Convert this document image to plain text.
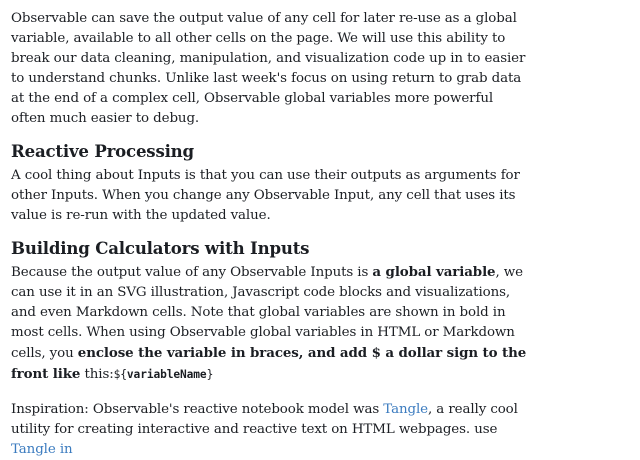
Observable can save the output value of any cell for later re-use as a global variable, available to all other cells on the page. We will use this ability to break our data cleaning, manipulation, and visualization code up in to easier to understand chunks. Unlike last week's focus on using return to grab data at the end of a complex cell, Observable global variables more powerful often much easier to debug.

Reactive Processing

A cool thing about Inputs is that you can use their outputs as arguments for other Inputs. When you change any Observable Input, any cell that uses its value is re-run with the updated value.

Building Calculators with Inputs

Because the output value of any Observable Inputs is a global variable, we can use it in an SVG illustration, Javascript code blocks and visualizations, and even Markdown cells. Note that global variables are shown in bold in most cells. When using Observable global variables in HTML or Markdown cells, you enclose the variable in braces, and add $ a dollar sign to the front like this:${variableName}

Inspiration: Observable's reactive notebook model was Tangle, a really cool utility for creating interactive and reactive text on HTML webpages. use Tangle in
